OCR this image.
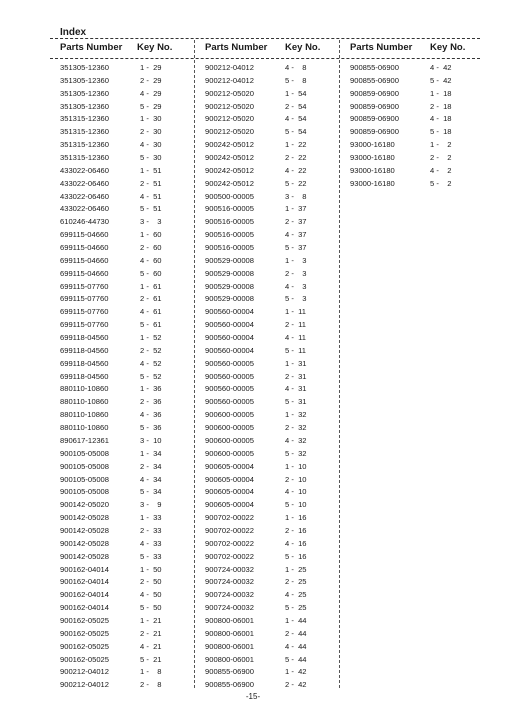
Index
Parts Number Key No.	Parts Number Key No.	Parts Number Key No.
351305-12360	1 -  29
351305-12360	2 -  29
351305-12360	4 -  29
351305-12360	5 -  29
351315-12360	1 -  30
351315-12360	2 -  30
351315-12360	4 -  30
351315-12360	5 -  30
433022-06460	1 -  51
433022-06460	2 -  51
433022-06460	4 -  51
433022-06460	5 -  51
610246-44730	3 -    3
699115-04660	1 -  60
699115-04660	2 -  60
699115-04660	4 -  60
699115-04660	5 -  60
699115-07760	1 -  61
699115-07760	2 -  61
699115-07760	4 -  61
699115-07760	5 -  61
699118-04560	1 -  52
699118-04560	2 -  52
699118-04560	4 -  52
699118-04560	5 -  52
880110-10860	1 -  36
880110-10860	2 -  36
880110-10860	4 -  36
880110-10860	5 -  36
890617-12361	3 -  10
900105-05008	1 -  34
900105-05008	2 -  34
900105-05008	4 -  34
900105-05008	5 -  34
900142-05020	3 -    9
900142-05028	1 -  33
900142-05028	2 -  33
900142-05028	4 -  33
900142-05028	5 -  33
900162-04014	1 -  50
900162-04014	2 -  50
900162-04014	4 -  50
900162-04014	5 -  50
900162-05025	1 -  21
900162-05025	2 -  21
900162-05025	4 -  21
900162-05025	5 -  21
900212-04012	1 -    8
900212-04012	2 -    8
900212-04012	4 -    8
900212-04012	5 -    8
900212-05020	1 -  54
900212-05020	2 -  54
900212-05020	4 -  54
900212-05020	5 -  54
900242-05012	1 -  22
900242-05012	2 -  22
900242-05012	4 -  22
900242-05012	5 -  22
900500-00005	3 -    8
900516-00005	1 -  37
900516-00005	2 -  37
900516-00005	4 -  37
900516-00005	5 -  37
900529-00008	1 -    3
900529-00008	2 -    3
900529-00008	4 -    3
900529-00008	5 -    3
900560-00004	1 -  11
900560-00004	2 -  11
900560-00004	4 -  11
900560-00004	5 -  11
900560-00005	1 -  31
900560-00005	2 -  31
900560-00005	4 -  31
900560-00005	5 -  31
900600-00005	1 -  32
900600-00005	2 -  32
900600-00005	4 -  32
900600-00005	5 -  32
900605-00004	1 -  10
900605-00004	2 -  10
900605-00004	4 -  10
900605-00004	5 -  10
900702-00022	1 -  16
900702-00022	2 -  16
900702-00022	4 -  16
900702-00022	5 -  16
900724-00032	1 -  25
900724-00032	2 -  25
900724-00032	4 -  25
900724-00032	5 -  25
900800-06001	1 -  44
900800-06001	2 -  44
900800-06001	4 -  44
900800-06001	5 -  44
900855-06900	1 -  42
900855-06900	2 -  42
900855-06900	4 -  42
900855-06900	5 -  42
900859-06900	1 -  18
900859-06900	2 -  18
900859-06900	4 -  18
900859-06900	5 -  18
93000-16180	1 -    2
93000-16180	2 -    2
93000-16180	4 -    2
93000-16180	5 -    2
-15-
